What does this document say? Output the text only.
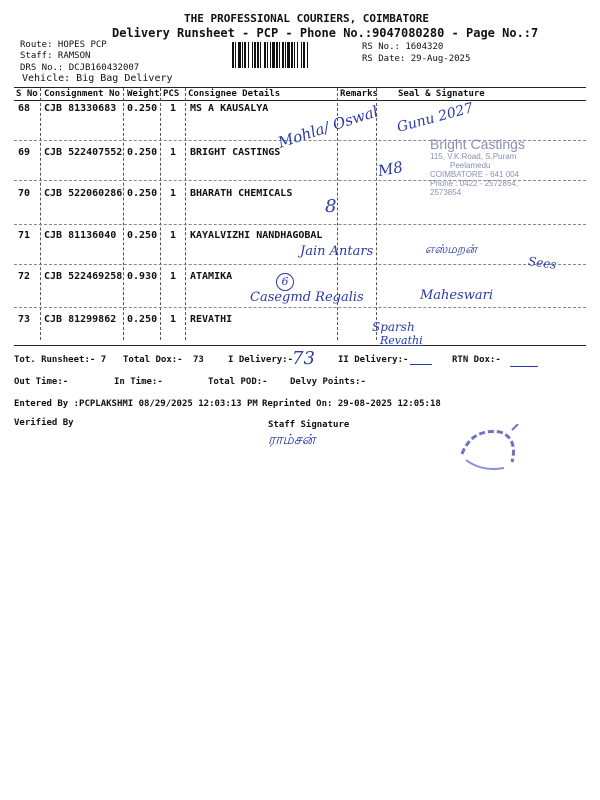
THE PROFESSIONAL COURIERS, COIMBATORE
Delivery Runsheet - PCP - Phone No.:9047080280 - Page No.:7
Route: HOPES PCP
Staff: RAMSON
DRS No.: DCJB160432007
Vehicle: Big Bag Delivery
RS No.: 1604320
RS Date: 29-Aug-2025
S No Consignment No Weight PCS Consignee Details	Remarks Seal & Signature
68 CJB 81330683 0.250 1 MS A KAUSALYA
69 CJB 522407552 0.250 1 BRIGHT CASTINGS
70 CJB 522060286 0.250 1 BHARATH CHEMICALS
71 CJB 81136040 0.250 1 KAYALVIZHI NANDHAGOBAL
72 CJB 522469258 0.930 1 ATAMIKA
73 CJB 81299862 0.250 1 REVATHI
Mohla/ Oswal Gunu 2027
M8
8
Jain Antars	எஸ்மறன்
Sees
6
Casegmd Regalis	Maheswari
Sparsh
Revathi
Bright Castings
115, V.K.Road, S.Puram
Peelamedu
COIMBATORE - 641 004
Phone : 0422 - 2572854, 2573854
Tot. Runsheet:- 7 Total Dox:- 73	I Delivery:-
73	II Delivery:-	RTN Dox:-
Out Time:-	In Time:-	Total POD:- Delvy Points:-
Entered By :PCPLAKSHMI 08/29/2025 12:03:13 PM Reprinted On: 29-08-2025 12:05:18
Verified By	Staff Signature
ராம்சன்
